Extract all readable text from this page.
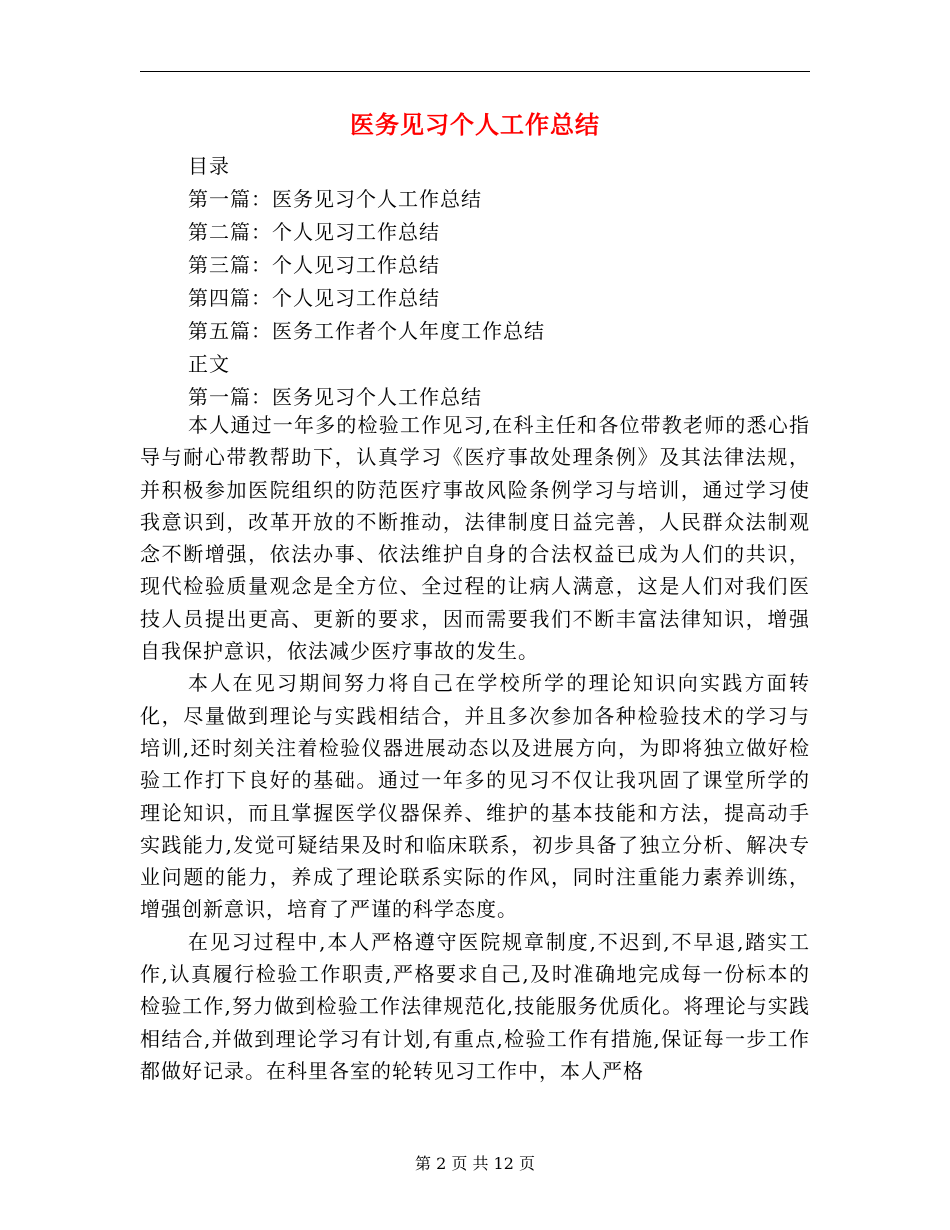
医务见习个人工作总结
目录
第一篇：医务见习个人工作总结
第二篇：个人见习工作总结
第三篇：个人见习工作总结
第四篇：个人见习工作总结
第五篇：医务工作者个人年度工作总结
正文
第一篇：医务见习个人工作总结

本人通过一年多的检验工作见习,在科主任和各位带教老师的悉心指导与耐心带教帮助下，认真学习《医疗事故处理条例》及其法律法规，并积极参加医院组织的防范医疗事故风险条例学习与培训，通过学习使我意识到，改革开放的不断推动，法律制度日益完善，人民群众法制观念不断增强，依法办事、依法维护自身的合法权益已成为人们的共识，现代检验质量观念是全方位、全过程的让病人满意，这是人们对我们医技人员提出更高、更新的要求，因而需要我们不断丰富法律知识，增强自我保护意识，依法减少医疗事故的发生。

本人在见习期间努力将自己在学校所学的理论知识向实践方面转化，尽量做到理论与实践相结合，并且多次参加各种检验技术的学习与培训,还时刻关注着检验仪器进展动态以及进展方向，为即将独立做好检验工作打下良好的基础。通过一年多的见习不仅让我巩固了课堂所学的理论知识，而且掌握医学仪器保养、维护的基本技能和方法，提高动手实践能力,发觉可疑结果及时和临床联系，初步具备了独立分析、解决专业问题的能力，养成了理论联系实际的作风，同时注重能力素养训练，增强创新意识，培育了严谨的科学态度。

在见习过程中,本人严格遵守医院规章制度,不迟到,不早退,踏实工作,认真履行检验工作职责,严格要求自己,及时准确地完成每一份标本的检验工作,努力做到检验工作法律规范化,技能服务优质化。将理论与实践相结合,并做到理论学习有计划,有重点,检验工作有措施,保证每一步工作都做好记录。在科里各室的轮转见习工作中，本人严格

第 2 页 共 12 页
